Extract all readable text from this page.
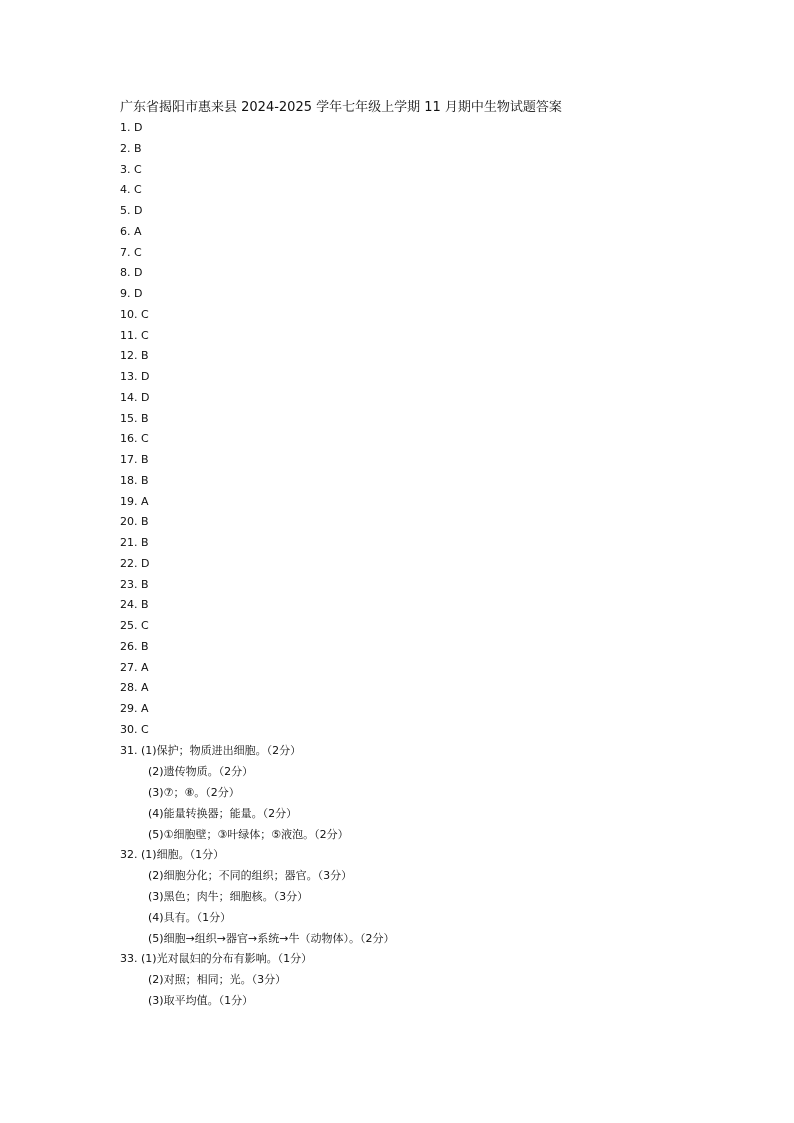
广东省揭阳市惠来县 2024-2025 学年七年级上学期 11 月期中生物试题答案
1. D
2. B
3. C
4. C
5. D
6. A
7. C
8. D
9. D
10. C
11. C
12. B
13. D
14. D
15. B
16. C
17. B
18. B
19. A
20. B
21. B
22. D
23. B
24. B
25. C
26. B
27. A
28. A
29. A
30. C
31. (1)保护；物质进出细胞。（2分）
(2)遗传物质。（2分）
(3)⑦；⑧。（2分）
(4)能量转换器；能量。（2分）
(5)①细胞壁；③叶绿体；⑤液泡。（2分）
32. (1)细胞。（1分）
(2)细胞分化；不同的组织；器官。（3分）
(3)黑色；肉牛；细胞核。（3分）
(4)具有。（1分）
(5)细胞→组织→器官→系统→牛（动物体）。（2分）
33. (1)光对鼠妇的分布有影响。（1分）
(2)对照；相同；光。（3分）
(3)取平均值。（1分）
